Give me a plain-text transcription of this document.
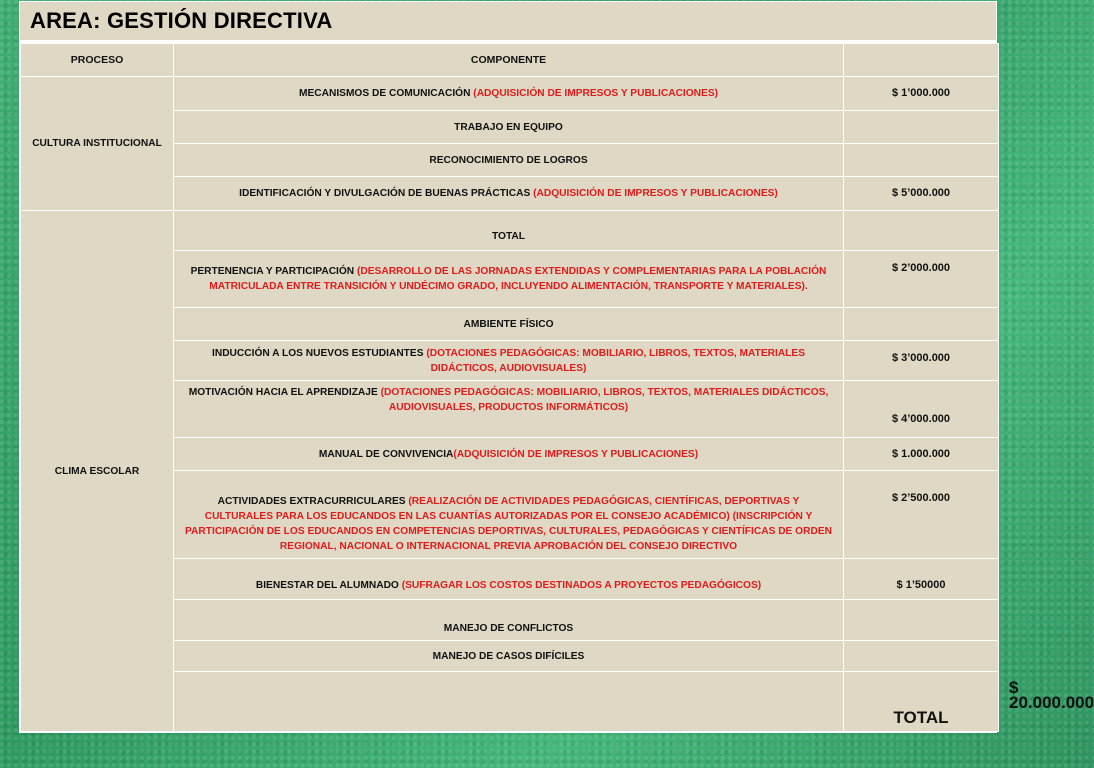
AREA: GESTIÓN DIRECTIVA
PROCESO	COMPONENTE		
CULTURA INSTITUCIONAL	MECANISMOS DE COMUNICACIÓN (ADQUISICIÓN DE IMPRESOS Y PUBLICACIONES)	$ 1’000.000	
	TRABAJO EN EQUIPO		
	RECONOCIMIENTO DE LOGROS		
	IDENTIFICACIÓN Y DIVULGACIÓN DE BUENAS PRÁCTICAS (ADQUISICIÓN DE IMPRESOS Y PUBLICACIONES)	$ 5’000.000	
CLIMA ESCOLAR	TOTAL		
	PERTENENCIA Y PARTICIPACIÓN (DESARROLLO DE LAS JORNADAS EXTENDIDAS Y COMPLEMENTARIAS PARA LA POBLACIÓN MATRICULADA ENTRE TRANSICIÓN Y UNDÉCIMO GRADO, INCLUYENDO ALIMENTACIÓN, TRANSPORTE Y MATERIALES).	$ 2’000.000	
	AMBIENTE FÍSICO		
	INDUCCIÓN A LOS NUEVOS ESTUDIANTES (DOTACIONES PEDAGÓGICAS: MOBILIARIO, LIBROS, TEXTOS, MATERIALES DIDÁCTICOS, AUDIOVISUALES)	$ 3’000.000	
	MOTIVACIÓN HACIA EL APRENDIZAJE (DOTACIONES PEDAGÓGICAS: MOBILIARIO, LIBROS, TEXTOS, MATERIALES DIDÁCTICOS, AUDIOVISUALES, PRODUCTOS INFORMÁTICOS)	$ 4’000.000	
	MANUAL DE CONVIVENCIA(ADQUISICIÓN DE IMPRESOS Y PUBLICACIONES)	$ 1.000.000	
	ACTIVIDADES EXTRACURRICULARES (REALIZACIÓN DE ACTIVIDADES PEDAGÓGICAS, CIENTÍFICAS, DEPORTIVAS Y CULTURALES PARA LOS EDUCANDOS EN LAS CUANTÍAS AUTORIZADAS POR EL CONSEJO ACADÉMICO) (INSCRIPCIÓN Y PARTICIPACIÓN DE LOS EDUCANDOS EN COMPETENCIAS DEPORTIVAS, CULTURALES, PEDAGÓGICAS Y CIENTÍFICAS DE ORDEN REGIONAL, NACIONAL O INTERNACIONAL PREVIA APROBACIÓN DEL CONSEJO DIRECTIVO	$ 2’500.000	
	BIENESTAR DEL ALUMNADO (SUFRAGAR LOS COSTOS DESTINADOS A PROYECTOS PEDAGÓGICOS)	$ 1’50000	
	MANEJO DE CONFLICTOS		
	MANEJO DE CASOS DIFÍCILES		
		TOTAL	$ 20.000.000
